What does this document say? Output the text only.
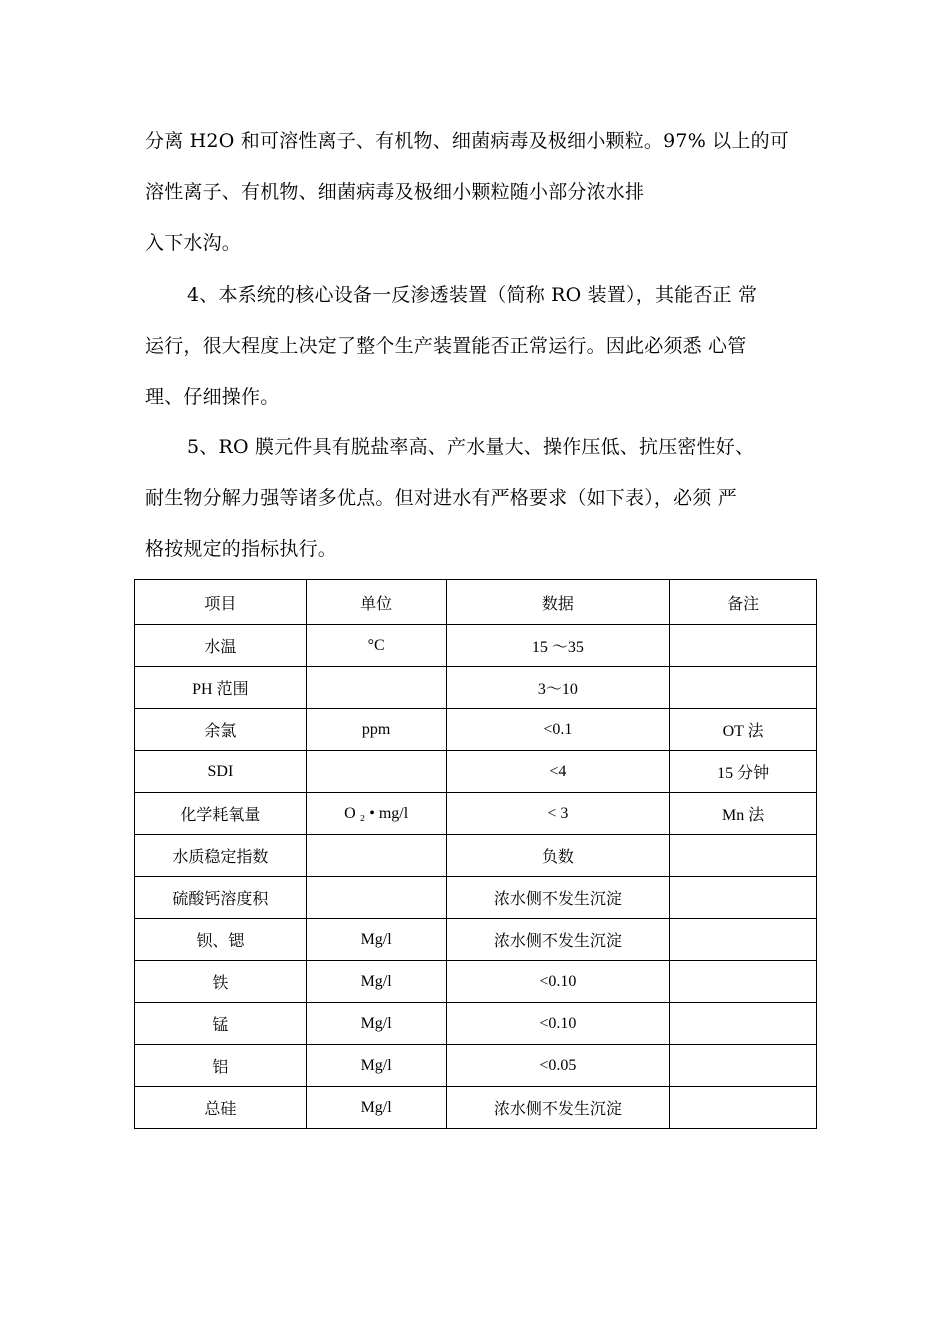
分离 H2O 和可溶性离子、有机物、细菌病毒及极细小颗粒。97% 以上的可
溶性离子、有机物、细菌病毒及极细小颗粒随小部分浓水排
入下水沟。

4、本系统的核心设备一反渗透装置（简称 RO 装置），其能否正 常
运行，很大程度上决定了整个生产装置能否正常运行。因此必须悉 心管
理、仔细操作。

5、RO 膜元件具有脱盐率高、产水量大、操作压低、抗压密性好、
耐生物分解力强等诸多优点。但对进水有严格要求（如下表），必须 严
格按规定的指标执行。

项目	单位	数据	备注
水温	°C	15 〜35	
PH 范围		3〜10	
余氯	ppm	<0.1	OT 法
SDI		<4	15 分钟
化学耗氧量	O ₂ • mg/l	< 3	Mn 法
水质稳定指数		负数	
硫酸钙溶度积		浓水侧不发生沉淀	
钡、锶	Mg/l	浓水侧不发生沉淀	
铁	Mg/l	<0.10	
锰	Mg/l	<0.10	
铝	Mg/l	<0.05	
总硅	Mg/l	浓水侧不发生沉淀	
